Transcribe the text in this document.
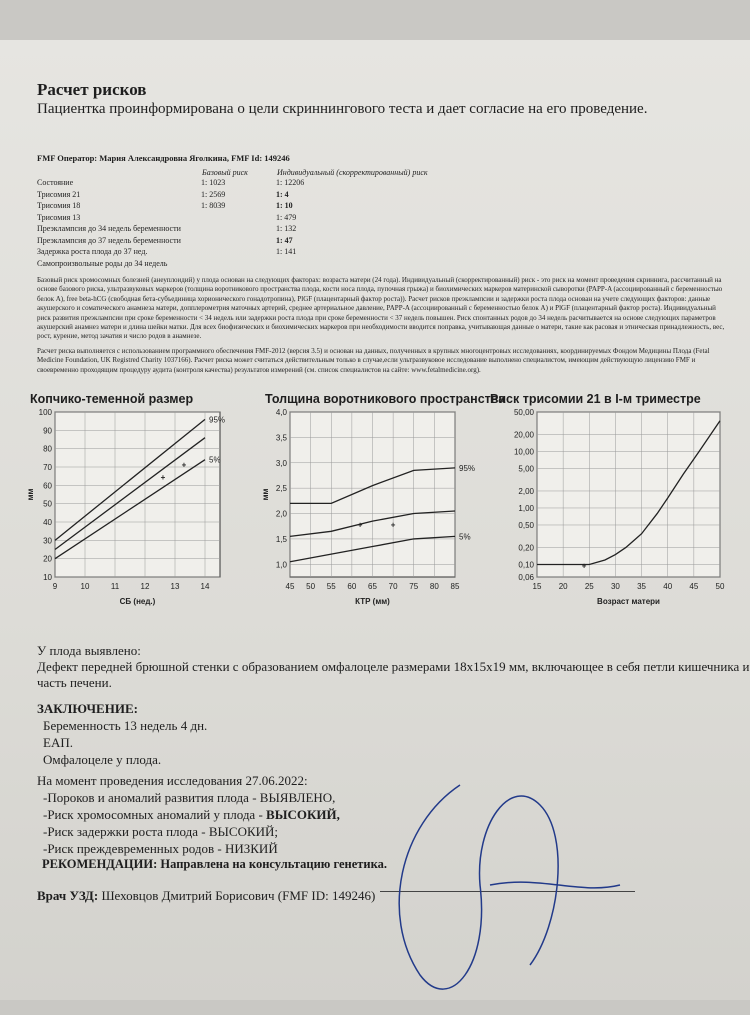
Расчет рисков
Пациентка проинформирована о цели скриннингового теста и дает согласие на его проведение.
FMF Оператор: Мария Александровна Яголкина, FMF Id: 149246
	Базовый риск	Индивидуальный (скорректированный) риск
Состояние	1: 1023	1: 12206
Трисомия 21	1: 2569	1: 4
Трисомия 18	1: 8039	1: 10
Трисомия 13		1: 479
Преэклампсия до 34 недель беременности		1: 132
Преэклампсия до 37 недель беременности		1: 47
Задержка роста плода до 37 нед.		1: 141
Самопроизвольные роды до 34 недель		

Базовый риск хромосомных болезней (анеуплоидий) у плода основан на следующих факторах: возраста матери (24 года). Индивидуальный (скорректированный) риск - это риск на момент проведения скриннига, рассчитанный на основе базового риска, ультразвуковых маркеров (толщина воротникового пространства плода, кости носа плода, пупочная грыжа) и биохимических маркеров материнской сыворотки (PAPP-A (ассоциированный с беременностью белок A), free beta-hCG (свободная бета-субъединица хорионического гонадотропина), PlGF (плацентарный фактор роста)). Расчет рисков преэклампсии и задержки роста плода основан на учете следующих факторов: данные акушерского и соматического анамнеза матери, допплерометрия маточных артерий, среднее артериальное давление, PAPP-A (ассоциированный с беременностью белок A) и PlGF (плацентарный фактор роста). Индивидуальный риск развития преэклампсии при сроке беременности < 34 недель или задержки роста плода при сроке беременности < 37 недель повышен. Риск спонтанных родов до 34 недель расчитывается на основе следующих параметров акушерский анамнез матери и длина шейки матки. Для всех биофизических и биохимических маркеров при необходимости вводится поправка, учитывающая данные о матери, такие как расовая и этническая принадлежность, вес, рост, курение, метод зачатия и число родов в анамнезе.

Расчет риска выполняется с использованием программного обеспечения FMF-2012 (версия 3.5) и основан на данных, полученных в крупных многоцентровых исследованиях, координируемых Фондом Медицины Плода (Fetal Medicine Foundation, UK Registred Charity 1037166). Расчет риска может считаться действительным только в случае,если ультразвуковое исследование выполнено специалистом, имеющим действующую лицензию FMF и своевременно проходящим процедуру аудита (контроля качества) результатов измерений (см. список специалистов на сайте: www.fetalmedicine.org).

Копчико-теменной размер
10
20
30
40
50
60
70
80
90
100
9	10	11	12	13	14
95%
5%
+
+
СБ (нед.)
мм
Толщина воротникового пространства
1,0
1,5
2,0
2,5
3,0
3,5
4,0
45 50 55 60 65 70 75 80 85
95%
5%
+	+
КТР (мм)
мм
Риск трисомии 21 в I-м триместре
0,06
0,10
0,20
0,50
1,00
2,00
5,00
10,00
20,00
50,00
15 20 25 30 35 40 45 50
+
Возраст матери
У плода выявлено:
Дефект передней брюшной стенки с образованием омфалоцеле размерами 18х15х19 мм, включающее в себя петли кишечника и часть печени.
ЗАКЛЮЧЕНИЕ:
Беременность 13 недель 4 дн.
ЕАП.
Омфалоцеле у плода.
На момент проведения исследования 27.06.2022:
-Пороков и аномалий развития плода - ВЫЯВЛЕНО,
-Риск хромосомных аномалий у плода - ВЫСОКИЙ,
-Риск задержки роста плода - ВЫСОКИЙ;
-Риск преждевременных родов - НИЗКИЙ
РЕКОМЕНДАЦИИ: Направлена на консультацию генетика.
Врач УЗД: Шеховцов Дмитрий Борисович (FMF ID: 149246)
